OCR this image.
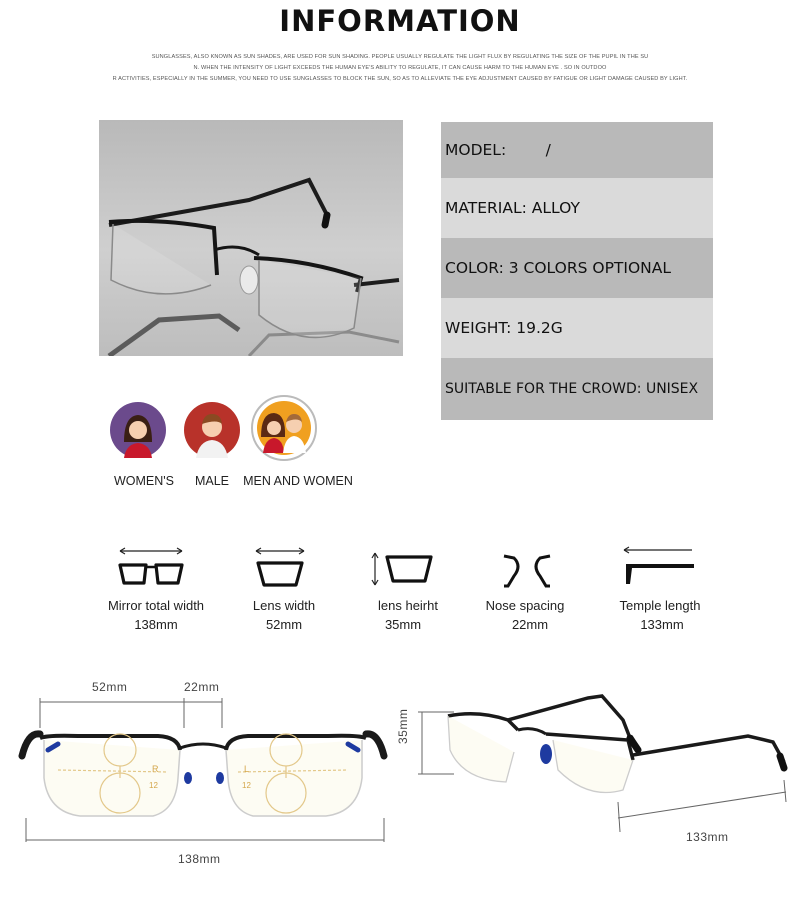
INFORMATION
SUNGLASSES, ALSO KNOWN AS SUN SHADES, ARE USED FOR SUN SHADING. PEOPLE USUALLY REGULATE THE LIGHT FLUX BY REGULATING THE SIZE OF THE PUPIL IN THE SU
N. WHEN THE INTENSITY OF LIGHT EXCEEDS THE HUMAN EYE'S ABILITY TO REGULATE, IT CAN CAUSE HARM TO THE HUMAN EYE . SO IN OUTDOO
R ACTIVITIES, ESPECIALLY IN THE SUMMER, YOU NEED TO USE SUNGLASSES TO BLOCK THE SUN, SO AS TO ALLEVIATE THE EYE ADJUSTMENT CAUSED BY FATIGUE OR LIGHT DAMAGE CAUSED BY LIGHT.
MODEL:        /
MATERIAL: ALLOY
COLOR: 3 COLORS OPTIONAL
WEIGHT: 19.2G
SUITABLE FOR THE CROWD: UNISEX
WOMEN'S	MALE	MEN AND WOMEN
Mirror total width
138mm
Lens width
52mm
lens heirht
35mm
Nose spacing
22mm
Temple length
133mm
R
12
L
12
52mm	22mm
138mm
35mm
133mm
